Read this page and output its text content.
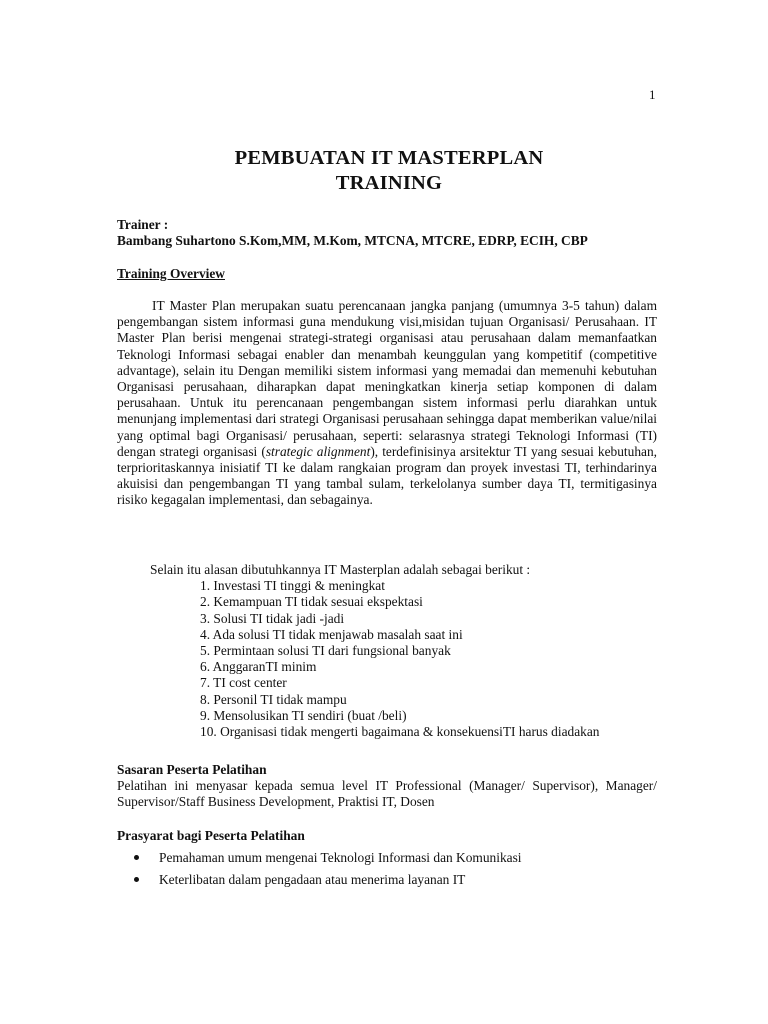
1
PEMBUATAN IT MASTERPLAN
TRAINING
Trainer :
Bambang Suhartono S.Kom,MM, M.Kom, MTCNA, MTCRE, EDRP, ECIH, CBP
Training Overview

IT Master Plan merupakan suatu perencanaan jangka panjang (umumnya 3-5 tahun) dalam pengembangan sistem informasi guna mendukung visi,misidan tujuan Organisasi/ Perusahaan. IT Master Plan berisi mengenai strategi-strategi organisasi atau perusahaan dalam memanfaatkan Teknologi Informasi sebagai enabler dan menambah keunggulan yang kompetitif (competitive advantage), selain itu Dengan memiliki sistem informasi yang memadai dan memenuhi kebutuhan Organisasi perusahaan, diharapkan dapat meningkatkan kinerja setiap komponen di dalam perusahaan. Untuk itu perencanaan pengembangan sistem informasi perlu diarahkan untuk menunjang implementasi dari strategi Organisasi perusahaan sehingga dapat memberikan value/nilai yang optimal bagi Organisasi/ perusahaan, seperti: selarasnya strategi Teknologi Informasi (TI) dengan strategi organisasi (strategic alignment), terdefinisinya arsitektur TI yang sesuai kebutuhan, terprioritaskannya inisiatif TI ke dalam rangkaian program dan proyek investasi TI, terhindarinya akuisisi dan pengembangan TI yang tambal sulam, terkelolanya sumber daya TI, termitigasinya risiko kegagalan implementasi, dan sebagainya.

Selain itu alasan dibutuhkannya IT Masterplan adalah sebagai berikut :
1. Investasi TI tinggi & meningkat
2. Kemampuan TI tidak sesuai ekspektasi
3. Solusi TI tidak jadi -jadi
4. Ada solusi TI tidak menjawab masalah saat ini
5. Permintaan solusi TI dari fungsional banyak
6. AnggaranTI minim
7. TI cost center
8. Personil TI tidak mampu
9. Mensolusikan TI sendiri (buat /beli)
10. Organisasi tidak mengerti bagaimana & konsekuensiTI harus diadakan
Sasaran Peserta Pelatihan

Pelatihan ini menyasar kepada semua level IT Professional (Manager/ Supervisor), Manager/ Supervisor/Staff Business Development, Praktisi IT, Dosen

Prasyarat bagi Peserta Pelatihan
Pemahaman umum mengenai Teknologi Informasi dan Komunikasi
Keterlibatan dalam pengadaan atau menerima layanan IT
